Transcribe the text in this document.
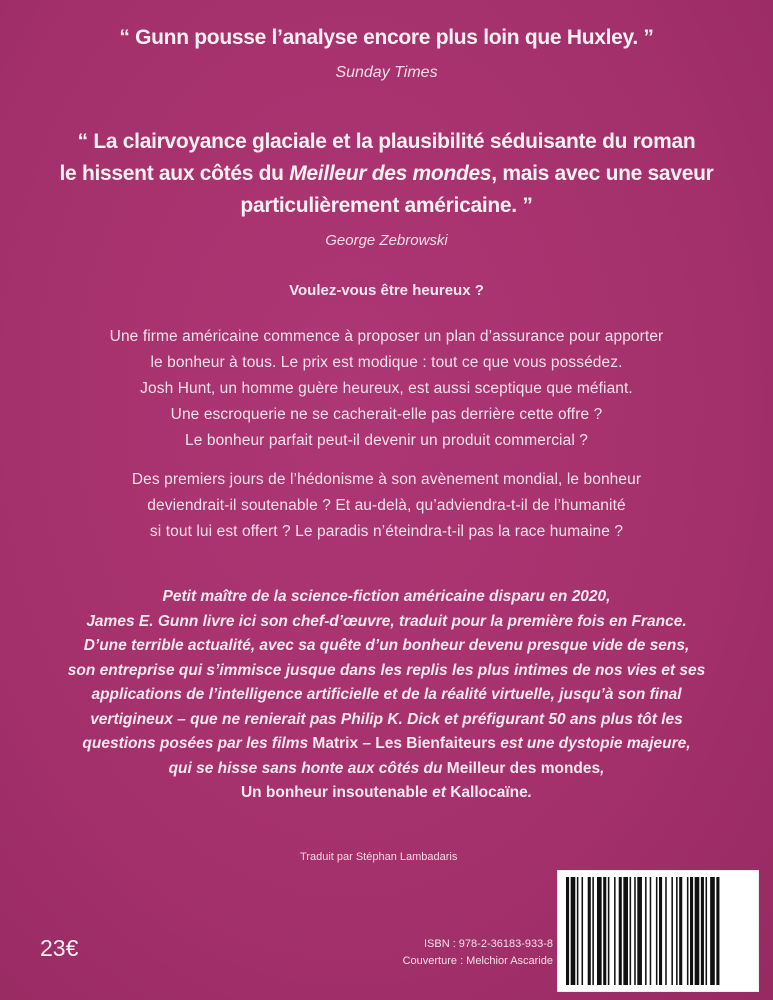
“ Gunn pousse l’analyse encore plus loin que Huxley. ”
Sunday Times
“ La clairvoyance glaciale et la plausibilité séduisante du roman
le hissent aux côtés du Meilleur des mondes, mais avec une saveur
particulièrement américaine. ”
George Zebrowski
Voulez-vous être heureux ?
Une firme américaine commence à proposer un plan d’assurance pour apporter
le bonheur à tous. Le prix est modique : tout ce que vous possédez.
Josh Hunt, un homme guère heureux, est aussi sceptique que méfiant.
Une escroquerie ne se cacherait-elle pas derrière cette offre ?
Le bonheur parfait peut-il devenir un produit commercial ?
Des premiers jours de l’hédonisme à son avènement mondial, le bonheur
deviendrait-il soutenable ? Et au-delà, qu’adviendra-t-il de l’humanité
si tout lui est offert ? Le paradis n’éteindra-t-il pas la race humaine ?
Petit maître de la science-fiction américaine disparu en 2020,
James E. Gunn livre ici son chef-d’œuvre, traduit pour la première fois en France.
D’une terrible actualité, avec sa quête d’un bonheur devenu presque vide de sens,
son entreprise qui s’immisce jusque dans les replis les plus intimes de nos vies et ses
applications de l’intelligence artificielle et de la réalité virtuelle, jusqu’à son final
vertigineux – que ne renierait pas Philip K. Dick et préfigurant 50 ans plus tôt les
questions posées par les films Matrix – Les Bienfaiteurs est une dystopie majeure,
qui se hisse sans honte aux côtés du Meilleur des mondes,
Un bonheur insoutenable et Kallocaïne.
Traduit par Stéphan Lambadaris
23€	ISBN : 978-2-36183-933-8
Couverture : Melchior Ascaride
